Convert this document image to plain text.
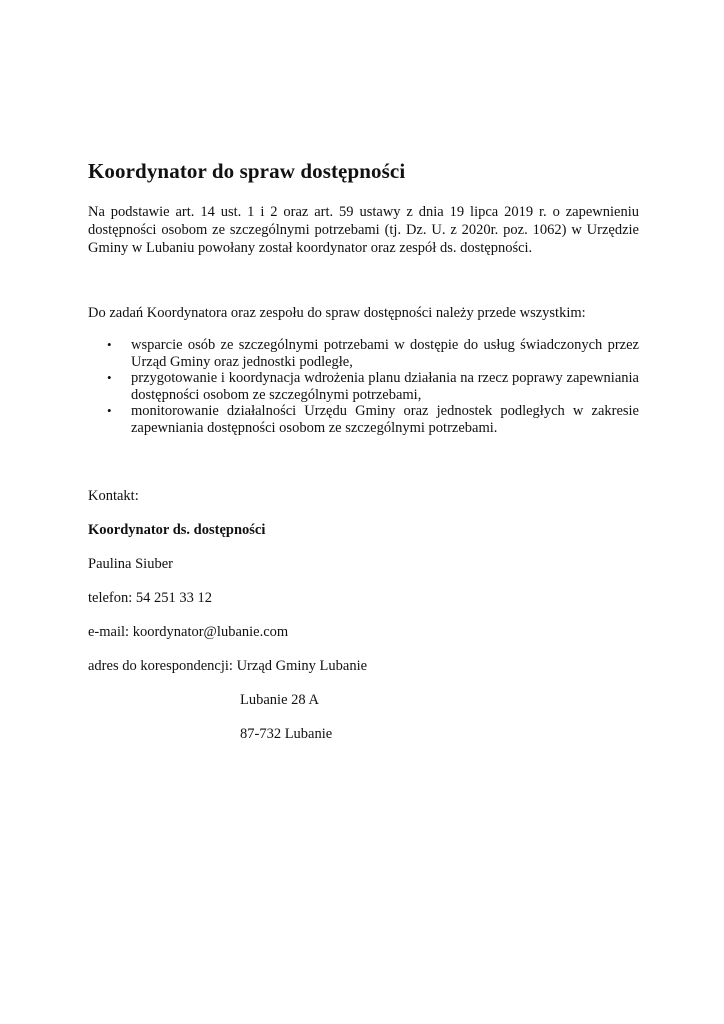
Koordynator do spraw dostępności

Na podstawie art. 14 ust. 1 i 2 oraz art. 59 ustawy z dnia 19 lipca 2019 r. o zapewnieniu dostępności osobom ze szczególnymi potrzebami (tj. Dz. U. z 2020r. poz. 1062) w Urzędzie Gminy w Lubaniu powołany został koordynator oraz zespół ds. dostępności.

Do zadań Koordynatora oraz zespołu do spraw dostępności należy przede wszystkim:

• wsparcie osób ze szczególnymi potrzebami w dostępie do usług świadczonych przez Urząd Gminy oraz jednostki podległe,
• przygotowanie i koordynacja wdrożenia planu działania na rzecz poprawy zapewniania dostępności osobom ze szczególnymi potrzebami,
• monitorowanie działalności Urzędu Gminy oraz jednostek podległych w zakresie zapewniania dostępności osobom ze szczególnymi potrzebami.

Kontakt:

Koordynator ds. dostępności

Paulina Siuber

telefon: 54 251 33 12

e-mail: koordynator@lubanie.com

adres do korespondencji: Urząd Gminy Lubanie

Lubanie 28 A

87-732 Lubanie
